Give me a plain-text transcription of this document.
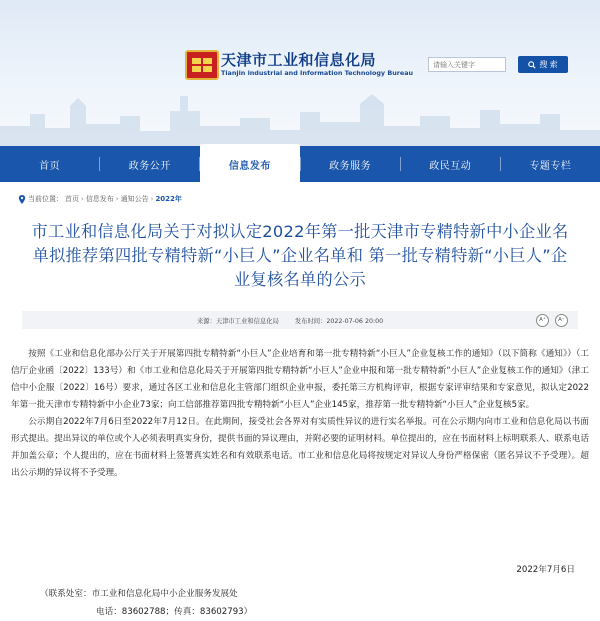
天津市工业和信息化局
Tianjin industrial and Information Technology Bureau
请输入关键字
搜 索
首页	政务公开	信息发布	政务服务	政民互动	专题专栏
当前位置： 首页 › 信息发布 › 通知公告 › 2022年
市工业和信息化局关于对拟认定2022年第一批天津市专精特新中小企业名单拟推荐第四批专精特新“小巨人”企业名单和 第一批专精特新“小巨人”企业复核名单的公示
来源：天津市工业和信息化局	发布时间：2022-07-06 20:00	A⁺	A⁻

按照《工业和信息化部办公厅关于开展第四批专精特新“小巨人”企业培育和第一批专精特新“小巨人”企业复核工作的通知》（以下简称《通知》）（工信厅企业函〔2022〕133号）和《市工业和信息化局关于开展第四批专精特新“小巨人”企业申报和第一批专精特新“小巨人”企业复核工作的通知》（津工信中小企服〔2022〕16号）要求，通过各区工业和信息化主管部门组织企业申报，委托第三方机构评审，根据专家评审结果和专家意见，拟认定2022年第一批天津市专精特新中小企业73家；向工信部推荐第四批专精特新“小巨人”企业145家，推荐第一批专精特新“小巨人”企业复核5家。

公示期自2022年7月6日至2022年7月12日。在此期间，接受社会各界对有实质性异议的进行实名举报。可在公示期内向市工业和信息化局以书面形式提出。提出异议的单位或个人必须表明真实身份，提供书面的异议理由，并附必要的证明材料。单位提出的，应在书面材料上标明联系人、联系电话并加盖公章；个人提出的，应在书面材料上签署真实姓名和有效联系电话。市工业和信息化局将按规定对异议人身份严格保密（匿名异议不予受理）。超出公示期的异议将不予受理。

2022年7月6日
（联系处室：市工业和信息化局中小企业服务发展处
电话：83602788；传真：83602793）
